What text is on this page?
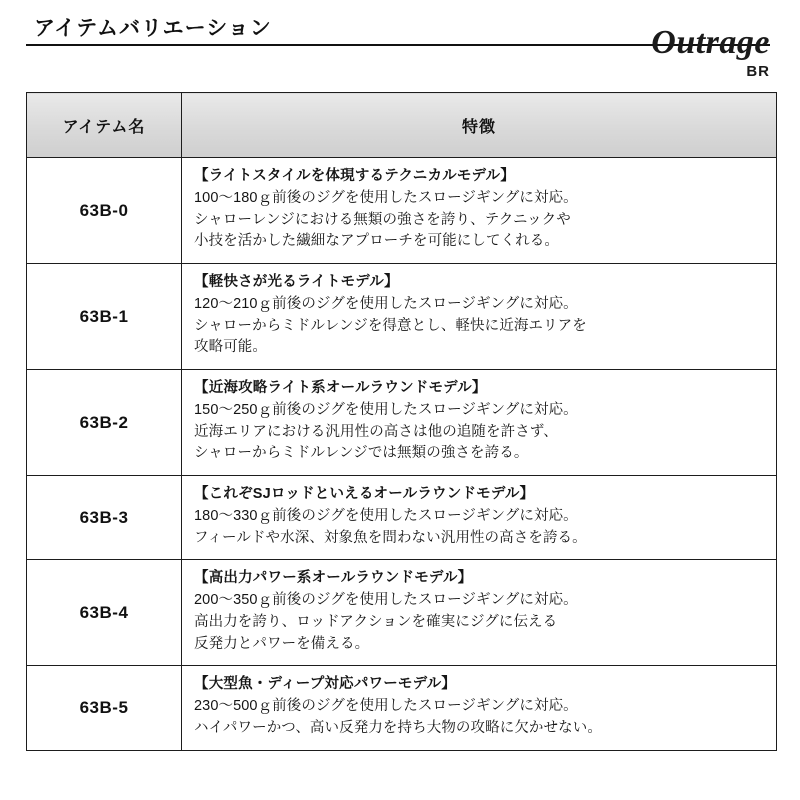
アイテムバリエーション	Outrage
BR
アイテム名	特徴
63B-0	【ライトスタイルを体現するテクニカルモデル】
100〜180ｇ前後のジグを使用したスロージギングに対応。
シャローレンジにおける無類の強さを誇り、テクニックや
小技を活かした繊細なアプローチを可能にしてくれる。

63B-1	【軽快さが光るライトモデル】
120〜210ｇ前後のジグを使用したスロージギングに対応。
シャローからミドルレンジを得意とし、軽快に近海エリアを
攻略可能。

63B-2	【近海攻略ライト系オールラウンドモデル】
150〜250ｇ前後のジグを使用したスロージギングに対応。
近海エリアにおける汎用性の高さは他の追随を許さず、
シャローからミドルレンジでは無類の強さを誇る。

63B-3	【これぞSJロッドといえるオールラウンドモデル】
180〜330ｇ前後のジグを使用したスロージギングに対応。
フィールドや水深、対象魚を問わない汎用性の高さを誇る。

63B-4	【高出力パワー系オールラウンドモデル】
200〜350ｇ前後のジグを使用したスロージギングに対応。
高出力を誇り、ロッドアクションを確実にジグに伝える
反発力とパワーを備える。

63B-5	【大型魚・ディープ対応パワーモデル】
230〜500ｇ前後のジグを使用したスロージギングに対応。
ハイパワーかつ、高い反発力を持ち大物の攻略に欠かせない。
